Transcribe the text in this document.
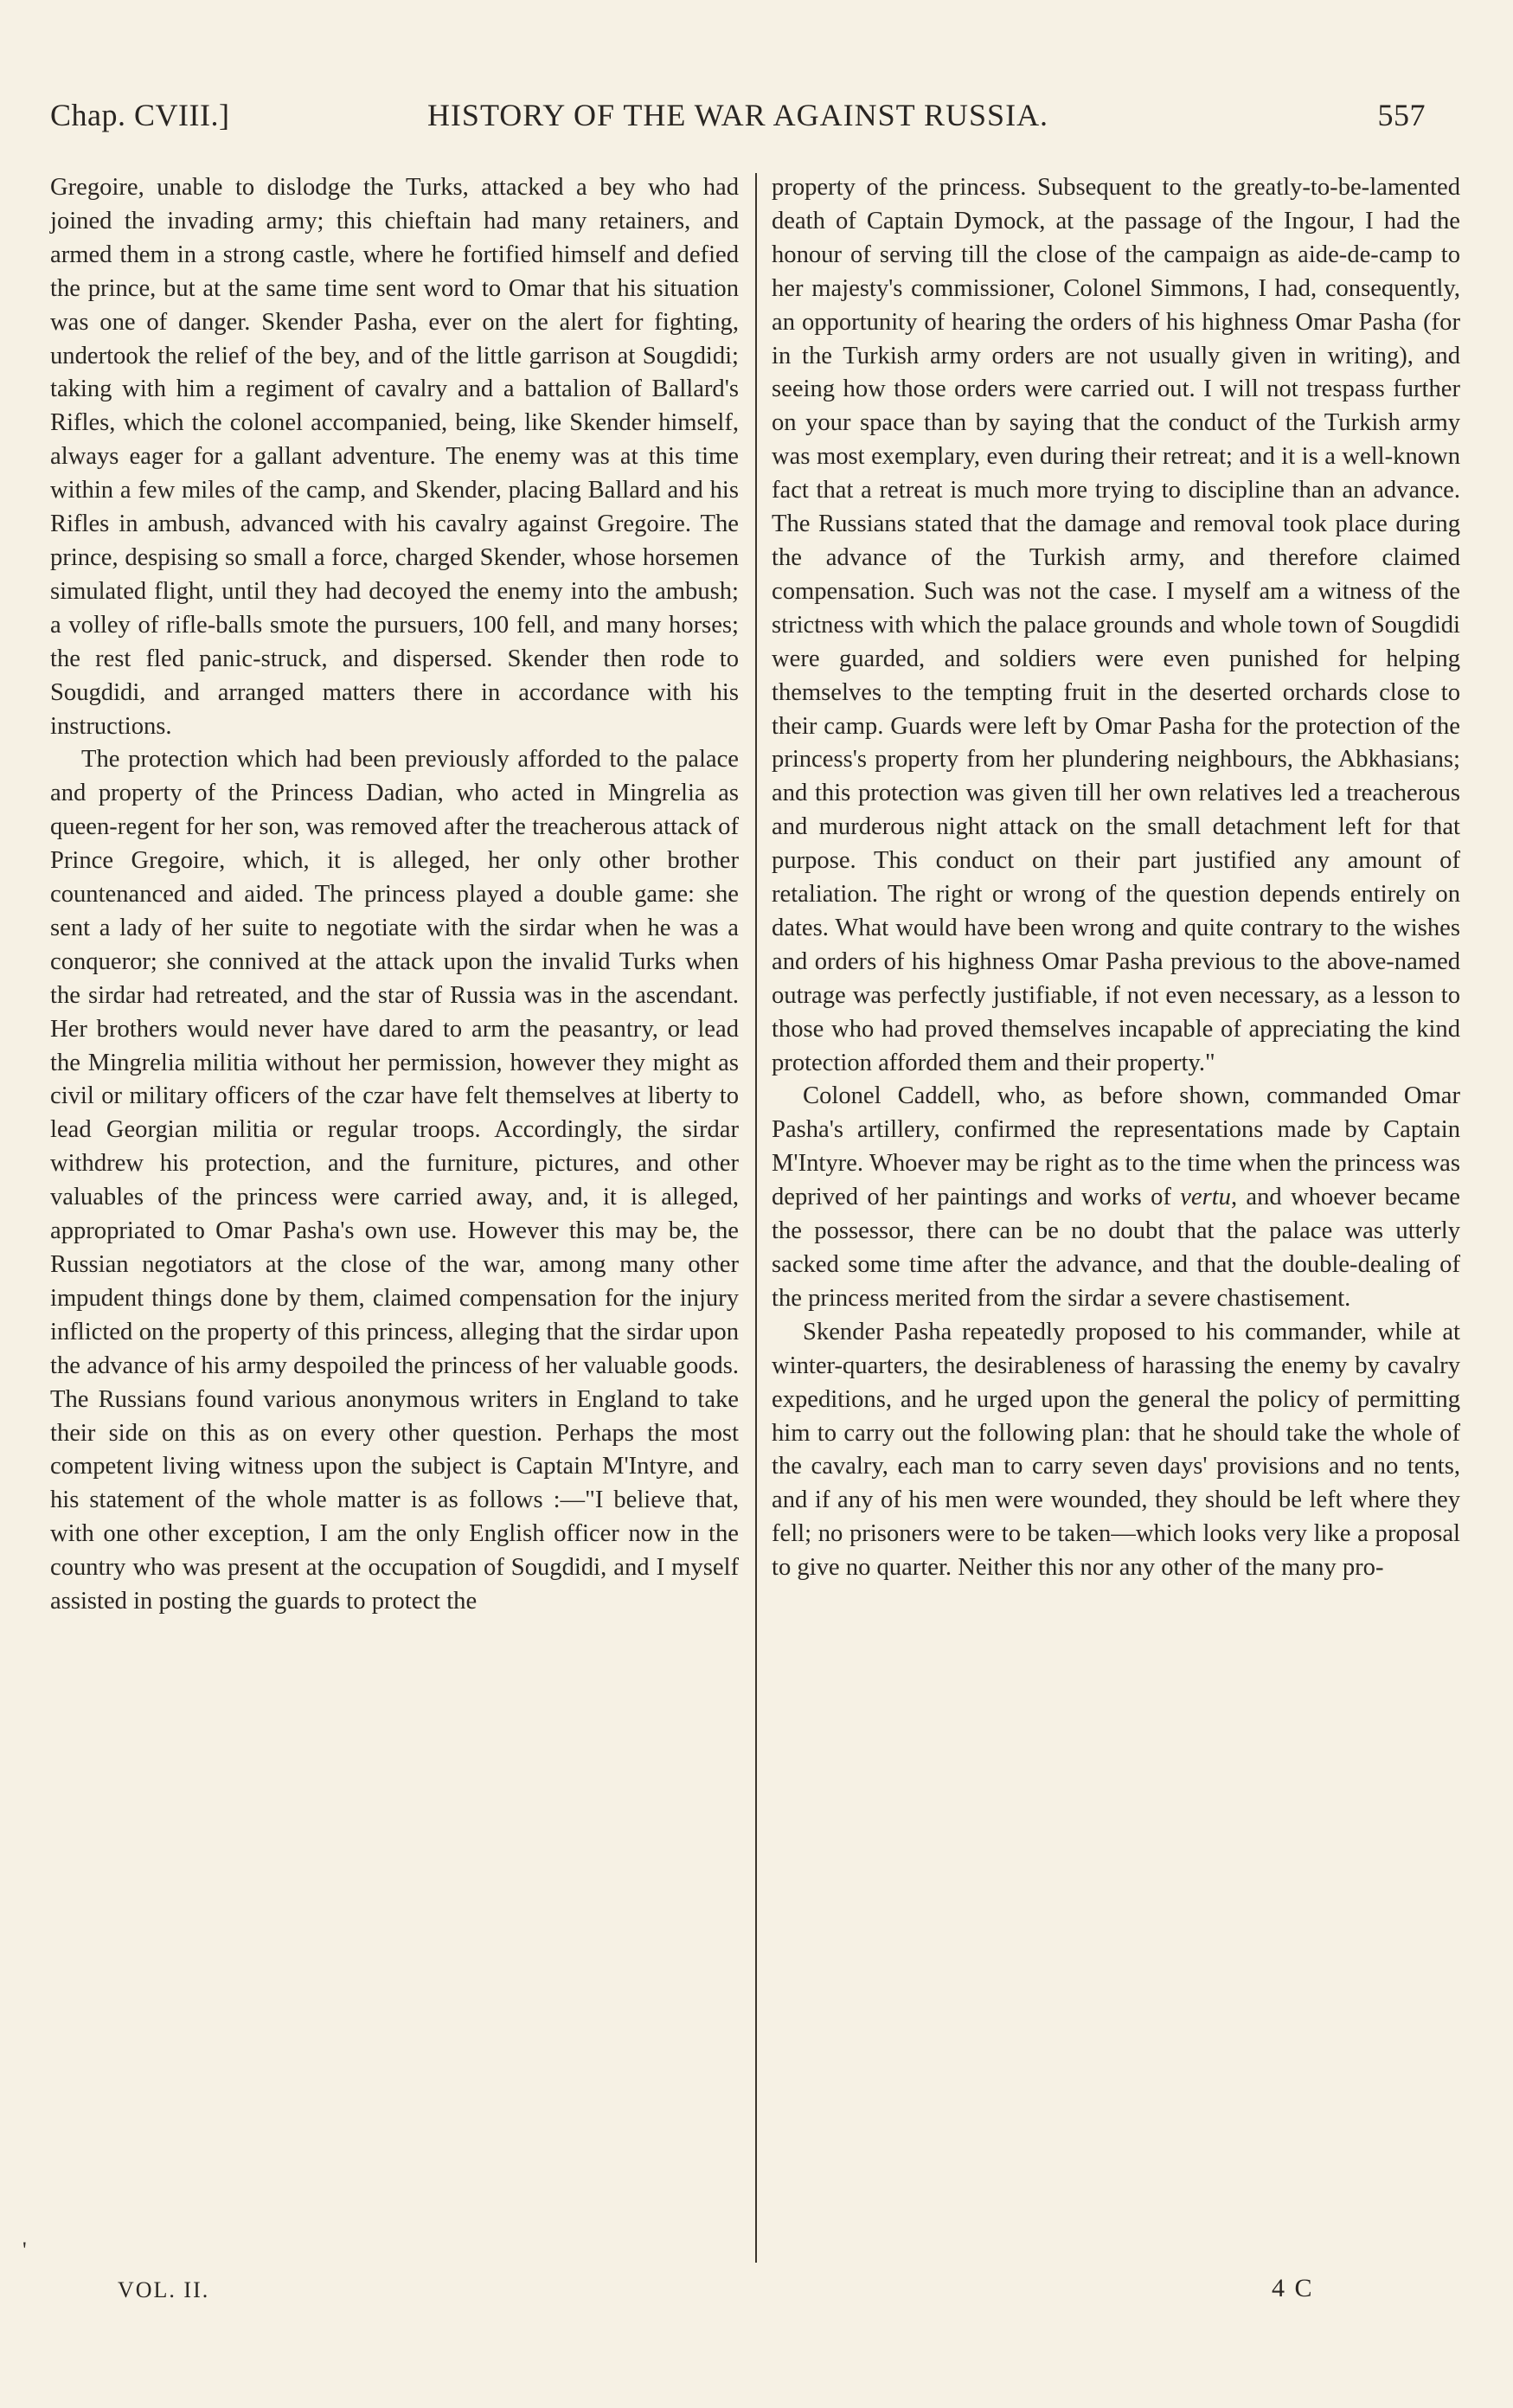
Chap. CVIII.]	HISTORY OF THE WAR AGAINST RUSSIA.	557

Gregoire, unable to dislodge the Turks, attacked a bey who had joined the invading army; this chieftain had many retainers, and armed them in a strong castle, where he fortified himself and defied the prince, but at the same time sent word to Omar that his situation was one of danger. Skender Pasha, ever on the alert for fighting, undertook the relief of the bey, and of the little garrison at Sougdidi; taking with him a regiment of cavalry and a battalion of Ballard's Rifles, which the colonel accompanied, being, like Skender himself, always eager for a gallant adventure. The enemy was at this time within a few miles of the camp, and Skender, placing Ballard and his Rifles in ambush, advanced with his cavalry against Gregoire. The prince, despising so small a force, charged Skender, whose horsemen simulated flight, until they had decoyed the enemy into the ambush; a volley of rifle-balls smote the pursuers, 100 fell, and many horses; the rest fled panic-struck, and dispersed. Skender then rode to Sougdidi, and arranged matters there in accordance with his instructions.

The protection which had been previously afforded to the palace and property of the Princess Dadian, who acted in Mingrelia as queen-regent for her son, was removed after the treacherous attack of Prince Gregoire, which, it is alleged, her only other brother countenanced and aided. The princess played a double game: she sent a lady of her suite to negotiate with the sirdar when he was a conqueror; she connived at the attack upon the invalid Turks when the sirdar had retreated, and the star of Russia was in the ascendant. Her brothers would never have dared to arm the peasantry, or lead the Mingrelia militia without her permission, however they might as civil or military officers of the czar have felt themselves at liberty to lead Georgian militia or regular troops. Accordingly, the sirdar withdrew his protection, and the furniture, pictures, and other valuables of the princess were carried away, and, it is alleged, appropriated to Omar Pasha's own use. However this may be, the Russian negotiators at the close of the war, among many other impudent things done by them, claimed compensation for the injury inflicted on the property of this princess, alleging that the sirdar upon the advance of his army despoiled the princess of her valuable goods. The Russians found various anonymous writers in England to take their side on this as on every other question. Perhaps the most competent living witness upon the subject is Captain M'Intyre, and his statement of the whole matter is as follows :—"I believe that, with one other exception, I am the only English officer now in the country who was present at the occupation of Sougdidi, and I myself assisted in posting the guards to protect the

property of the princess. Subsequent to the greatly-to-be-lamented death of Captain Dymock, at the passage of the Ingour, I had the honour of serving till the close of the campaign as aide-de-camp to her majesty's commissioner, Colonel Simmons, I had, consequently, an opportunity of hearing the orders of his highness Omar Pasha (for in the Turkish army orders are not usually given in writing), and seeing how those orders were carried out. I will not trespass further on your space than by saying that the conduct of the Turkish army was most exemplary, even during their retreat; and it is a well-known fact that a retreat is much more trying to discipline than an advance. The Russians stated that the damage and removal took place during the advance of the Turkish army, and therefore claimed compensation. Such was not the case. I myself am a witness of the strictness with which the palace grounds and whole town of Sougdidi were guarded, and soldiers were even punished for helping themselves to the tempting fruit in the deserted orchards close to their camp. Guards were left by Omar Pasha for the protection of the princess's property from her plundering neighbours, the Abkhasians; and this protection was given till her own relatives led a treacherous and murderous night attack on the small detachment left for that purpose. This conduct on their part justified any amount of retaliation. The right or wrong of the question depends entirely on dates. What would have been wrong and quite contrary to the wishes and orders of his highness Omar Pasha previous to the above-named outrage was perfectly justifiable, if not even necessary, as a lesson to those who had proved themselves incapable of appreciating the kind protection afforded them and their property."

Colonel Caddell, who, as before shown, commanded Omar Pasha's artillery, confirmed the representations made by Captain M'Intyre. Whoever may be right as to the time when the princess was deprived of her paintings and works of vertu, and whoever became the possessor, there can be no doubt that the palace was utterly sacked some time after the advance, and that the double-dealing of the princess merited from the sirdar a severe chastisement.

Skender Pasha repeatedly proposed to his commander, while at winter-quarters, the desirableness of harassing the enemy by cavalry expeditions, and he urged upon the general the policy of permitting him to carry out the following plan: that he should take the whole of the cavalry, each man to carry seven days' provisions and no tents, and if any of his men were wounded, they should be left where they fell; no prisoners were to be taken—which looks very like a proposal to give no quarter. Neither this nor any other of the many pro-

'
VOL. II.	4 C
